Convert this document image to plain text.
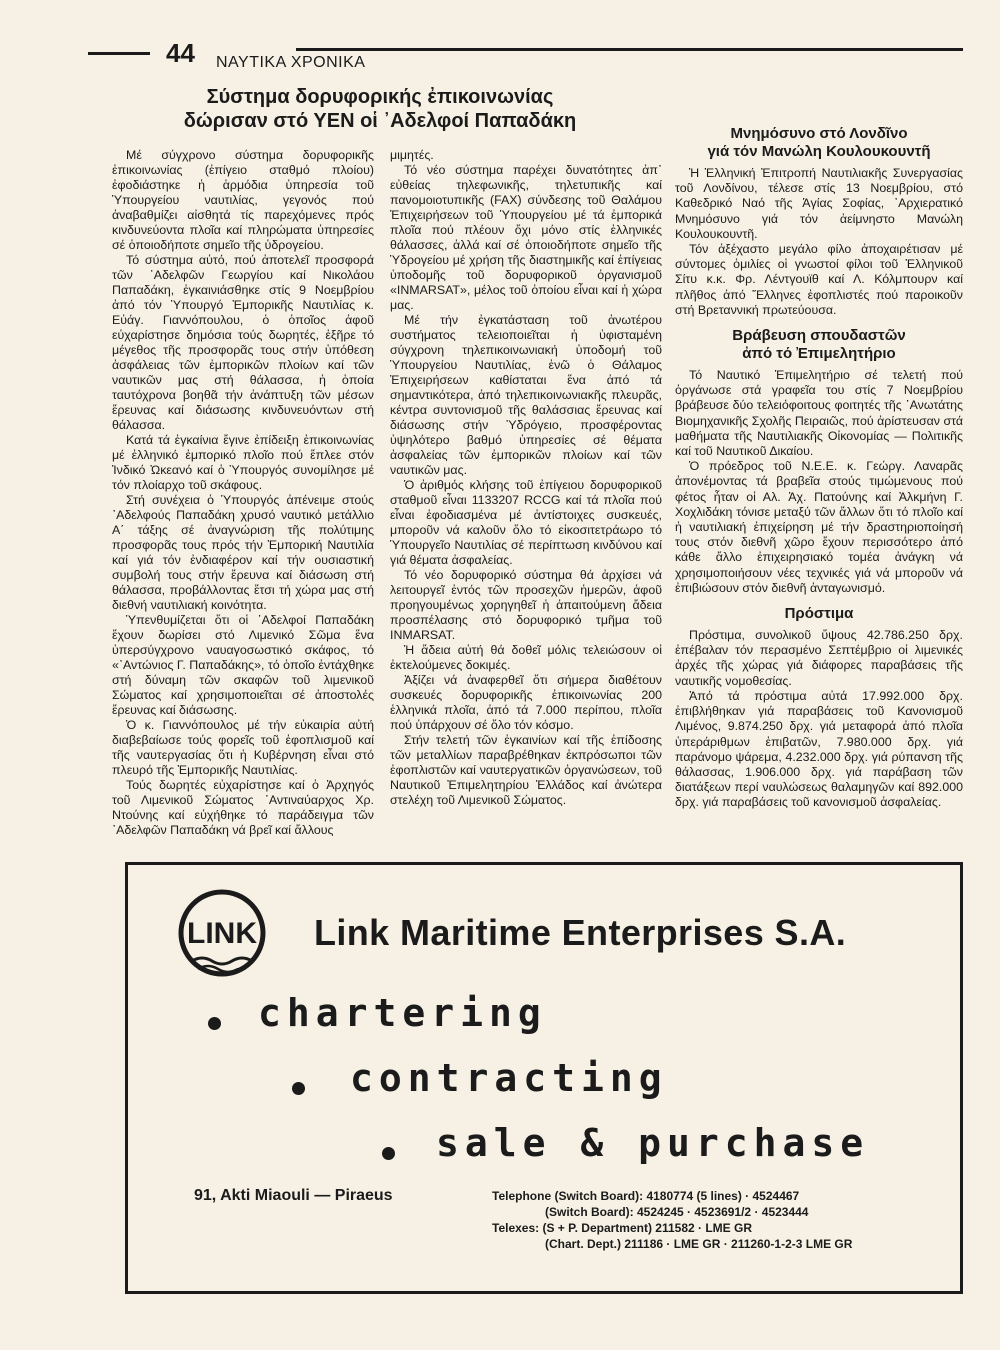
44 ΝΑΥΤΙΚΑ ΧΡΟΝΙΚΑ
Σύστημα δορυφορικής ἐπικοινωνίας
δώρισαν στό ΥΕΝ οἱ ᾿Αδελφοί Παπαδάκη

Μέ σύγχρονο σύστημα δορυφορικῆς ἐπικοινωνίας (ἐπίγειο σταθμό πλοίου) ἐφοδιάστηκε ἡ ἁρμόδια ὑπηρεσία τοῦ Ὑπουργείου ναυτιλίας, γεγονός πού ἀναβαθμίζει αἰσθητά τίς παρεχόμενες πρός κινδυνεύοντα πλοῖα καί πληρώματα ὑπηρεσίες σέ ὁποιοδήποτε σημεῖο τῆς ὑδρογείου.

Τό σύστημα αὐτό, πού ἀποτελεῖ προσφορά τῶν ᾿Αδελφῶν Γεωργίου καί Νικολάου Παπαδάκη, ἐγκαινιάσθηκε στίς 9 Νοεμβρίου ἀπό τόν Ὑπουργό Ἐμπορικῆς Ναυτιλίας κ. Εὐάγ. Γιαννόπουλου, ὁ ὁποῖος ἀφοῦ εὐχαρίστησε δημόσια τούς δωρητές, ἐξῆρε τό μέγεθος τῆς προσφορᾶς τους στήν ὑπόθεση ἀσφάλειας τῶν ἐμπορικῶν πλοίων καί τῶν ναυτικῶν μας στή θάλασσα, ἡ ὁποία ταυτόχρονα βοηθᾶ τήν ἀνάπτυξη τῶν μέσων ἔρευνας καί διάσωσης κινδυνευόντων στή θάλασσα.

Κατά τά ἐγκαίνια ἔγινε ἐπίδειξη ἐπικοινωνίας μέ ἑλληνικό ἐμπορικό πλοῖο πού ἔπλεε στόν Ἰνδικό Ὠκεανό καί ὁ Ὑπουργός συνομίλησε μέ τόν πλοίαρχο τοῦ σκάφους.

Στή συνέχεια ὁ Ὑπουργός ἀπένειμε στούς ᾿Αδελφούς Παπαδάκη χρυσό ναυτικό μετάλλιο Α΄ τάξης σέ ἀναγνώριση τῆς πολύτιμης προσφορᾶς τους πρός τήν Ἐμπορική Ναυτιλία καί γιά τόν ἐνδιαφέρον καί τήν ουσιαστική συμβολή τους στήν ἔρευνα καί διάσωση στή θάλασσα, προβάλλοντας ἔτσι τή χώρα μας στή διεθνή ναυτιλιακή κοινότητα.

Ὑπενθυμίζεται ὅτι οἱ ᾿Αδελφοί Παπαδάκη ἔχουν δωρίσει στό Λιμενικό Σῶμα ἕνα ὑπερσύγχρονο ναυαγοσωστικό σκάφος, τό «᾿Αντώνιος Γ. Παπαδάκης», τό ὁποῖο ἐντάχθηκε στή δύναμη τῶν σκαφῶν τοῦ λιμενικοῦ Σώματος καί χρησιμοποιεῖται σέ ἀποστολές ἔρευνας καί διάσωσης.

Ὁ κ. Γιαννόπουλος μέ τήν εὐκαιρία αὐτή διαβεβαίωσε τούς φορεῖς τοῦ ἐφοπλισμοῦ καί τῆς ναυτεργασίας ὅτι ἡ Κυβέρνηση εἶναι στό πλευρό τῆς Ἐμπορικῆς Ναυτιλίας.

Τούς δωρητές εὐχαρίστησε καί ὁ Ἀρχηγός τοῦ Λιμενικοῦ Σώματος ᾿Αντιναύαρχος Χρ. Ντούνης καί εὐχήθηκε τό παράδειγμα τῶν ᾿Αδελφῶν Παπαδάκη νά βρεῖ καί ἄλλους

μιμητές.

Τό νέο σύστημα παρέχει δυνατότητες ἀπ᾿ εὐθείας τηλεφωνικῆς, τηλετυπικῆς καί πανομοιοτυπικῆς (FAX) σύνδεσης τοῦ Θαλάμου Ἐπιχειρήσεων τοῦ Ὑπουργείου μέ τά ἐμπορικά πλοῖα πού πλέουν ὄχι μόνο στίς ἑλληνικές θάλασσες, ἀλλά καί σέ ὁποιοδήποτε σημεῖο τῆς Ὑδρογείου μέ χρήση τῆς διαστημικῆς καί ἐπίγειας ὑποδομῆς τοῦ δορυφορικοῦ ὀργανισμοῦ «INMARSAT», μέλος τοῦ ὁποίου εἶναι καί ἡ χώρα μας.

Μέ τήν ἐγκατάσταση τοῦ ἀνωτέρου συστήματος τελειοποιεῖται ἡ ὑφισταμένη σύγχρονη τηλεπικοινωνιακή ὑποδομή τοῦ Ὑπουργείου Ναυτιλίας, ἐνῶ ὁ Θάλαμος Ἐπιχειρήσεων καθίσταται ἕνα ἀπό τά σημαντικότερα, ἀπό τηλεπικοινωνιακῆς πλευρᾶς, κέντρα συντονισμοῦ τῆς θαλάσσιας ἔρευνας καί διάσωσης στήν Ὑδρόγειο, προσφέροντας ὑψηλότερο βαθμό ὑπηρεσίες σέ θέματα ἀσφαλείας τῶν ἐμπορικῶν πλοίων καί τῶν ναυτικῶν μας.

Ὁ ἀριθμός κλήσης τοῦ ἐπίγειου δορυφορικοῦ σταθμοῦ εἶναι 1133207 RCCG καί τά πλοῖα πού εἶναι ἐφοδιασμένα μέ ἀντίστοιχες συσκευές, μποροῦν νά καλοῦν ὅλο τό εἰκοσιτετράωρο τό Ὑπουργεῖο Ναυτιλίας σέ περίπτωση κινδύνου καί γιά θέματα ἀσφαλείας.

Τό νέο δορυφορικό σύστημα θά ἀρχίσει νά λειτουργεῖ ἐντός τῶν προσεχῶν ἡμερῶν, ἀφοῦ προηγουμένως χορηγηθεῖ ἡ ἀπαιτούμενη ἄδεια προσπέλασης στό δορυφορικό τμῆμα τοῦ INMARSAT.

Ἡ ἄδεια αὐτή θά δοθεῖ μόλις τελειώσουν οἱ ἐκτελούμενες δοκιμές.

Ἀξίζει νά ἀναφερθεῖ ὅτι σήμερα διαθέτουν συσκευές δορυφορικῆς ἐπικοινωνίας 200 ἑλληνικά πλοῖα, ἀπό τά 7.000 περίπου, πλοῖα πού ὑπάρχουν σέ ὅλο τόν κόσμο.

Στήν τελετή τῶν ἐγκαινίων καί τῆς ἐπίδοσης τῶν μεταλλίων παραβρέθηκαν ἐκπρόσωποι τῶν ἐφοπλιστῶν καί ναυτεργατικῶν ὀργανώσεων, τοῦ Ναυτικοῦ Ἐπιμελητηρίου Ἑλλάδος καί ἀνώτερα στελέχη τοῦ Λιμενικοῦ Σώματος.

Μνημόσυνο στό Λονδῖνο
γιά τόν Μανώλη Κουλουκουντῆ

Ἡ Ἑλληνική Ἐπιτροπή Ναυτιλιακῆς Συνεργασίας τοῦ Λονδίνου, τέλεσε στίς 13 Νοεμβρίου, στό Καθεδρικό Ναό τῆς Ἁγίας Σοφίας, ᾿Αρχιερατικό Μνημόσυνο γιά τόν ἀείμνηστο Μανώλη Κουλουκουντῆ.

Τόν ἀξέχαστο μεγάλο φίλο ἀποχαιρέτισαν μέ σύντομες ὁμιλίες οἱ γνωστοί φίλοι τοῦ Ἑλληνικοῦ Σίτυ κ.κ. Φρ. Λέντγουϊθ καί Λ. Κόλμπουρν καί πλῆθος ἀπό Ἕλληνες ἐφοπλιστές πού παροικοῦν στή Βρεταννική πρωτεύουσα.

Βράβευση σπουδαστῶν
ἀπό τό Ἐπιμελητήριο

Τό Ναυτικό Ἐπιμελητήριο σέ τελετή πού ὀργάνωσε στά γραφεῖα του στίς 7 Νοεμβρίου βράβευσε δύο τελειόφοιτους φοιτητές τῆς ᾿Ανωτάτης Βιομηχανικῆς Σχολῆς Πειραιῶς, πού ἀρίστευσαν στά μαθήματα τῆς Ναυτιλιακῆς Οἰκονομίας — Πολιτικῆς καί τοῦ Ναυτικοῦ Δικαίου.

Ὁ πρόεδρος τοῦ Ν.Ε.Ε. κ. Γεώργ. Λαναρᾶς ἀπονέμοντας τά βραβεῖα στούς τιμώμενους πού φέτος ἦταν οἱ Αλ. Ἀχ. Πατούνης καί Ἀλκμήνη Γ. Χοχλιδάκη τόνισε μεταξύ τῶν ἄλλων ὅτι τό πλοῖο καί ἡ ναυτιλιακή ἐπιχείρηση μέ τήν δραστηριοποίησή τους στόν διεθνῆ χῶρο ἔχουν περισσότερο ἀπό κάθε ἄλλο ἐπιχειρησιακό τομέα ἀνάγκη νά χρησιμοποιήσουν νέες τεχνικές γιά νά μποροῦν νά ἐπιβιώσουν στόν διεθνῆ ἀνταγωνισμό.

Πρόστιμα

Πρόστιμα, συνολικοῦ ὕψους 42.786.250 δρχ. ἐπέβαλαν τόν περασμένο Σεπτέμβριο οἱ λιμενικές ἀρχές τῆς χώρας γιά διάφορες παραβάσεις τῆς ναυτικῆς νομοθεσίας.

Ἀπό τά πρόστιμα αὐτά 17.992.000 δρχ. ἐπιβλήθηκαν γιά παραβάσεις τοῦ Κανονισμοῦ Λιμένος, 9.874.250 δρχ. γιά μεταφορά ἀπό πλοῖα ὑπεράριθμων ἐπιβατῶν, 7.980.000 δρχ. γιά παράνομο ψάρεμα, 4.232.000 δρχ. γιά ρύπανση τῆς θάλασσας, 1.906.000 δρχ. γιά παράβαση τῶν διατάξεων περί ναυλώσεως θαλαμηγῶν καί 892.000 δρχ. γιά παραβάσεις τοῦ κανονισμοῦ ἀσφαλείας.

LINK Link Maritime Enterprises S.A.
chartering
contracting
sale & purchase
91, Akti Miaouli — Piraeus	Telephone (Switch Board): 4180774 (5 lines) · 4524467
(Switch Board): 4524245 · 4523691/2 · 4523444
Telexes: (S + P. Department) 211582 · LME GR
(Chart. Dept.) 211186 · LME GR · 211260-1-2-3 LME GR
